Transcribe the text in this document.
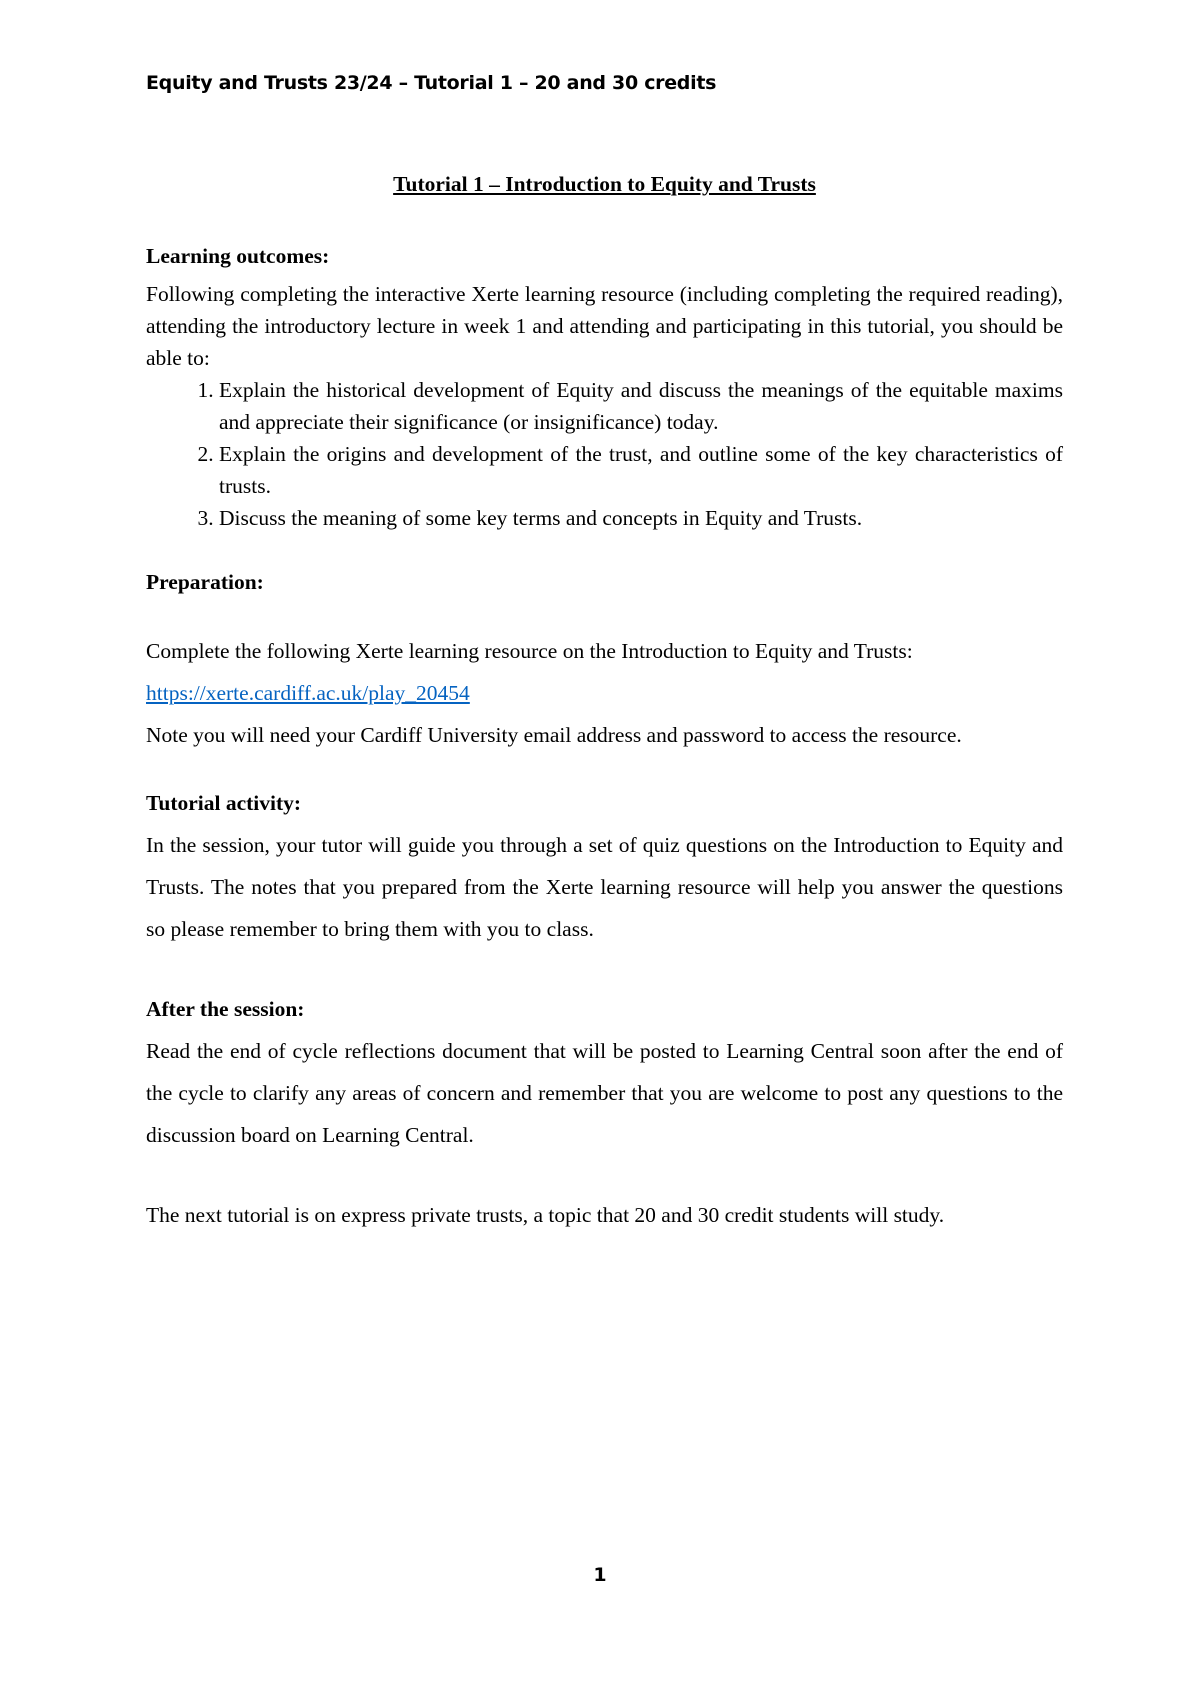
Equity and Trusts 23/24 – Tutorial 1 – 20 and 30 credits

Tutorial 1 – Introduction to Equity and Trusts

Learning outcomes:

Following completing the interactive Xerte learning resource (including completing the required reading), attending the introductory lecture in week 1 and attending and participating in this tutorial, you should be able to:

1. Explain the historical development of Equity and discuss the meanings of the equitable maxims and appreciate their significance (or insignificance) today.
2. Explain the origins and development of the trust, and outline some of the key characteristics of trusts.
3. Discuss the meaning of some key terms and concepts in Equity and Trusts.

Preparation:

Complete the following Xerte learning resource on the Introduction to Equity and Trusts:

https://xerte.cardiff.ac.uk/play_20454

Note you will need your Cardiff University email address and password to access the resource.

Tutorial activity:

In the session, your tutor will guide you through a set of quiz questions on the Introduction to Equity and Trusts. The notes that you prepared from the Xerte learning resource will help you answer the questions so please remember to bring them with you to class.

After the session:

Read the end of cycle reflections document that will be posted to Learning Central soon after the end of the cycle to clarify any areas of concern and remember that you are welcome to post any questions to the discussion board on Learning Central.

The next tutorial is on express private trusts, a topic that 20 and 30 credit students will study.

1
